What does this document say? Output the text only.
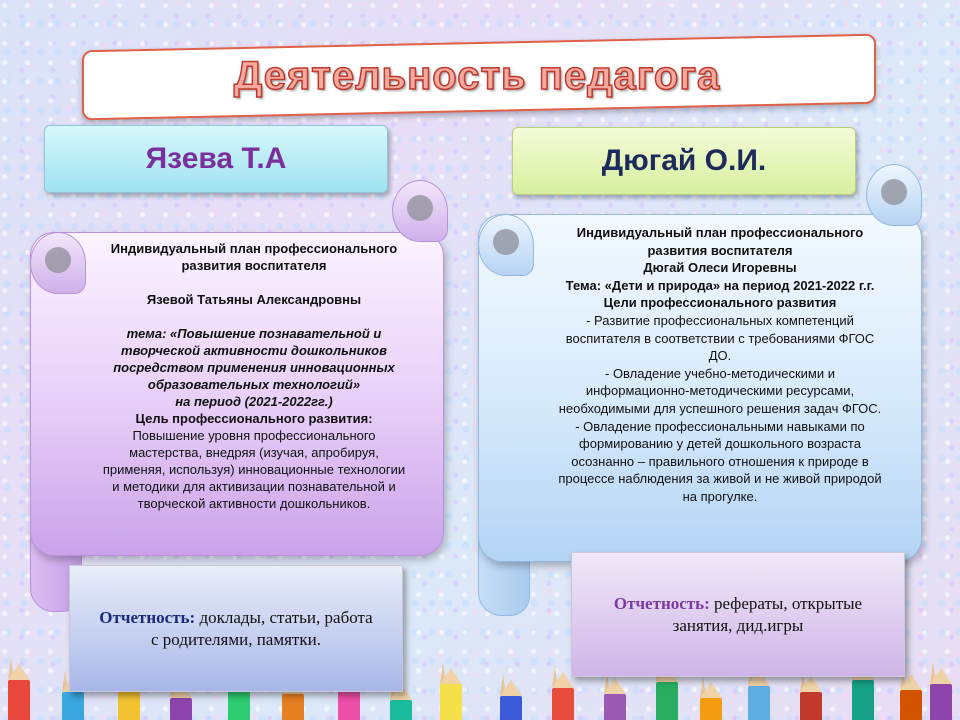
Деятельность педагога
Язева Т.А	Дюгай О.И.
Индивидуальный план профессионального
развития воспитателя
Язевой Татьяны Александровны
тема: «Повышение познавательной и
творческой активности дошкольников
посредством применения инновационных
образовательных технологий»
на период (2021-2022гг.)
Цель профессионального развития:
Повышение уровня профессионального
мастерства, внедряя (изучая, апробируя,
применяя, используя) инновационные технологии
и методики для активизации познавательной и
творческой активности дошкольников.
Индивидуальный план профессионального
развития воспитателя
Дюгай Олеси Игоревны
Тема: «Дети и природа» на период 2021-2022 г.г.
Цели профессионального развития
- Развитие профессиональных компетенций
воспитателя в соответствии с требованиями ФГОС
ДО.
- Овладение учебно-методическими и
информационно-методическими ресурсами,
необходимыми для успешного решения задач ФГОС.
- Овладение профессиональными навыками по
формированию у детей дошкольного возраста
осознанно – правильного отношения к природе в
процессе наблюдения за живой и не живой природой
на прогулке.
Отчетность: доклады, статьи, работа
с родителями, памятки.
Отчетность: рефераты, открытые
занятия, дид.игры
